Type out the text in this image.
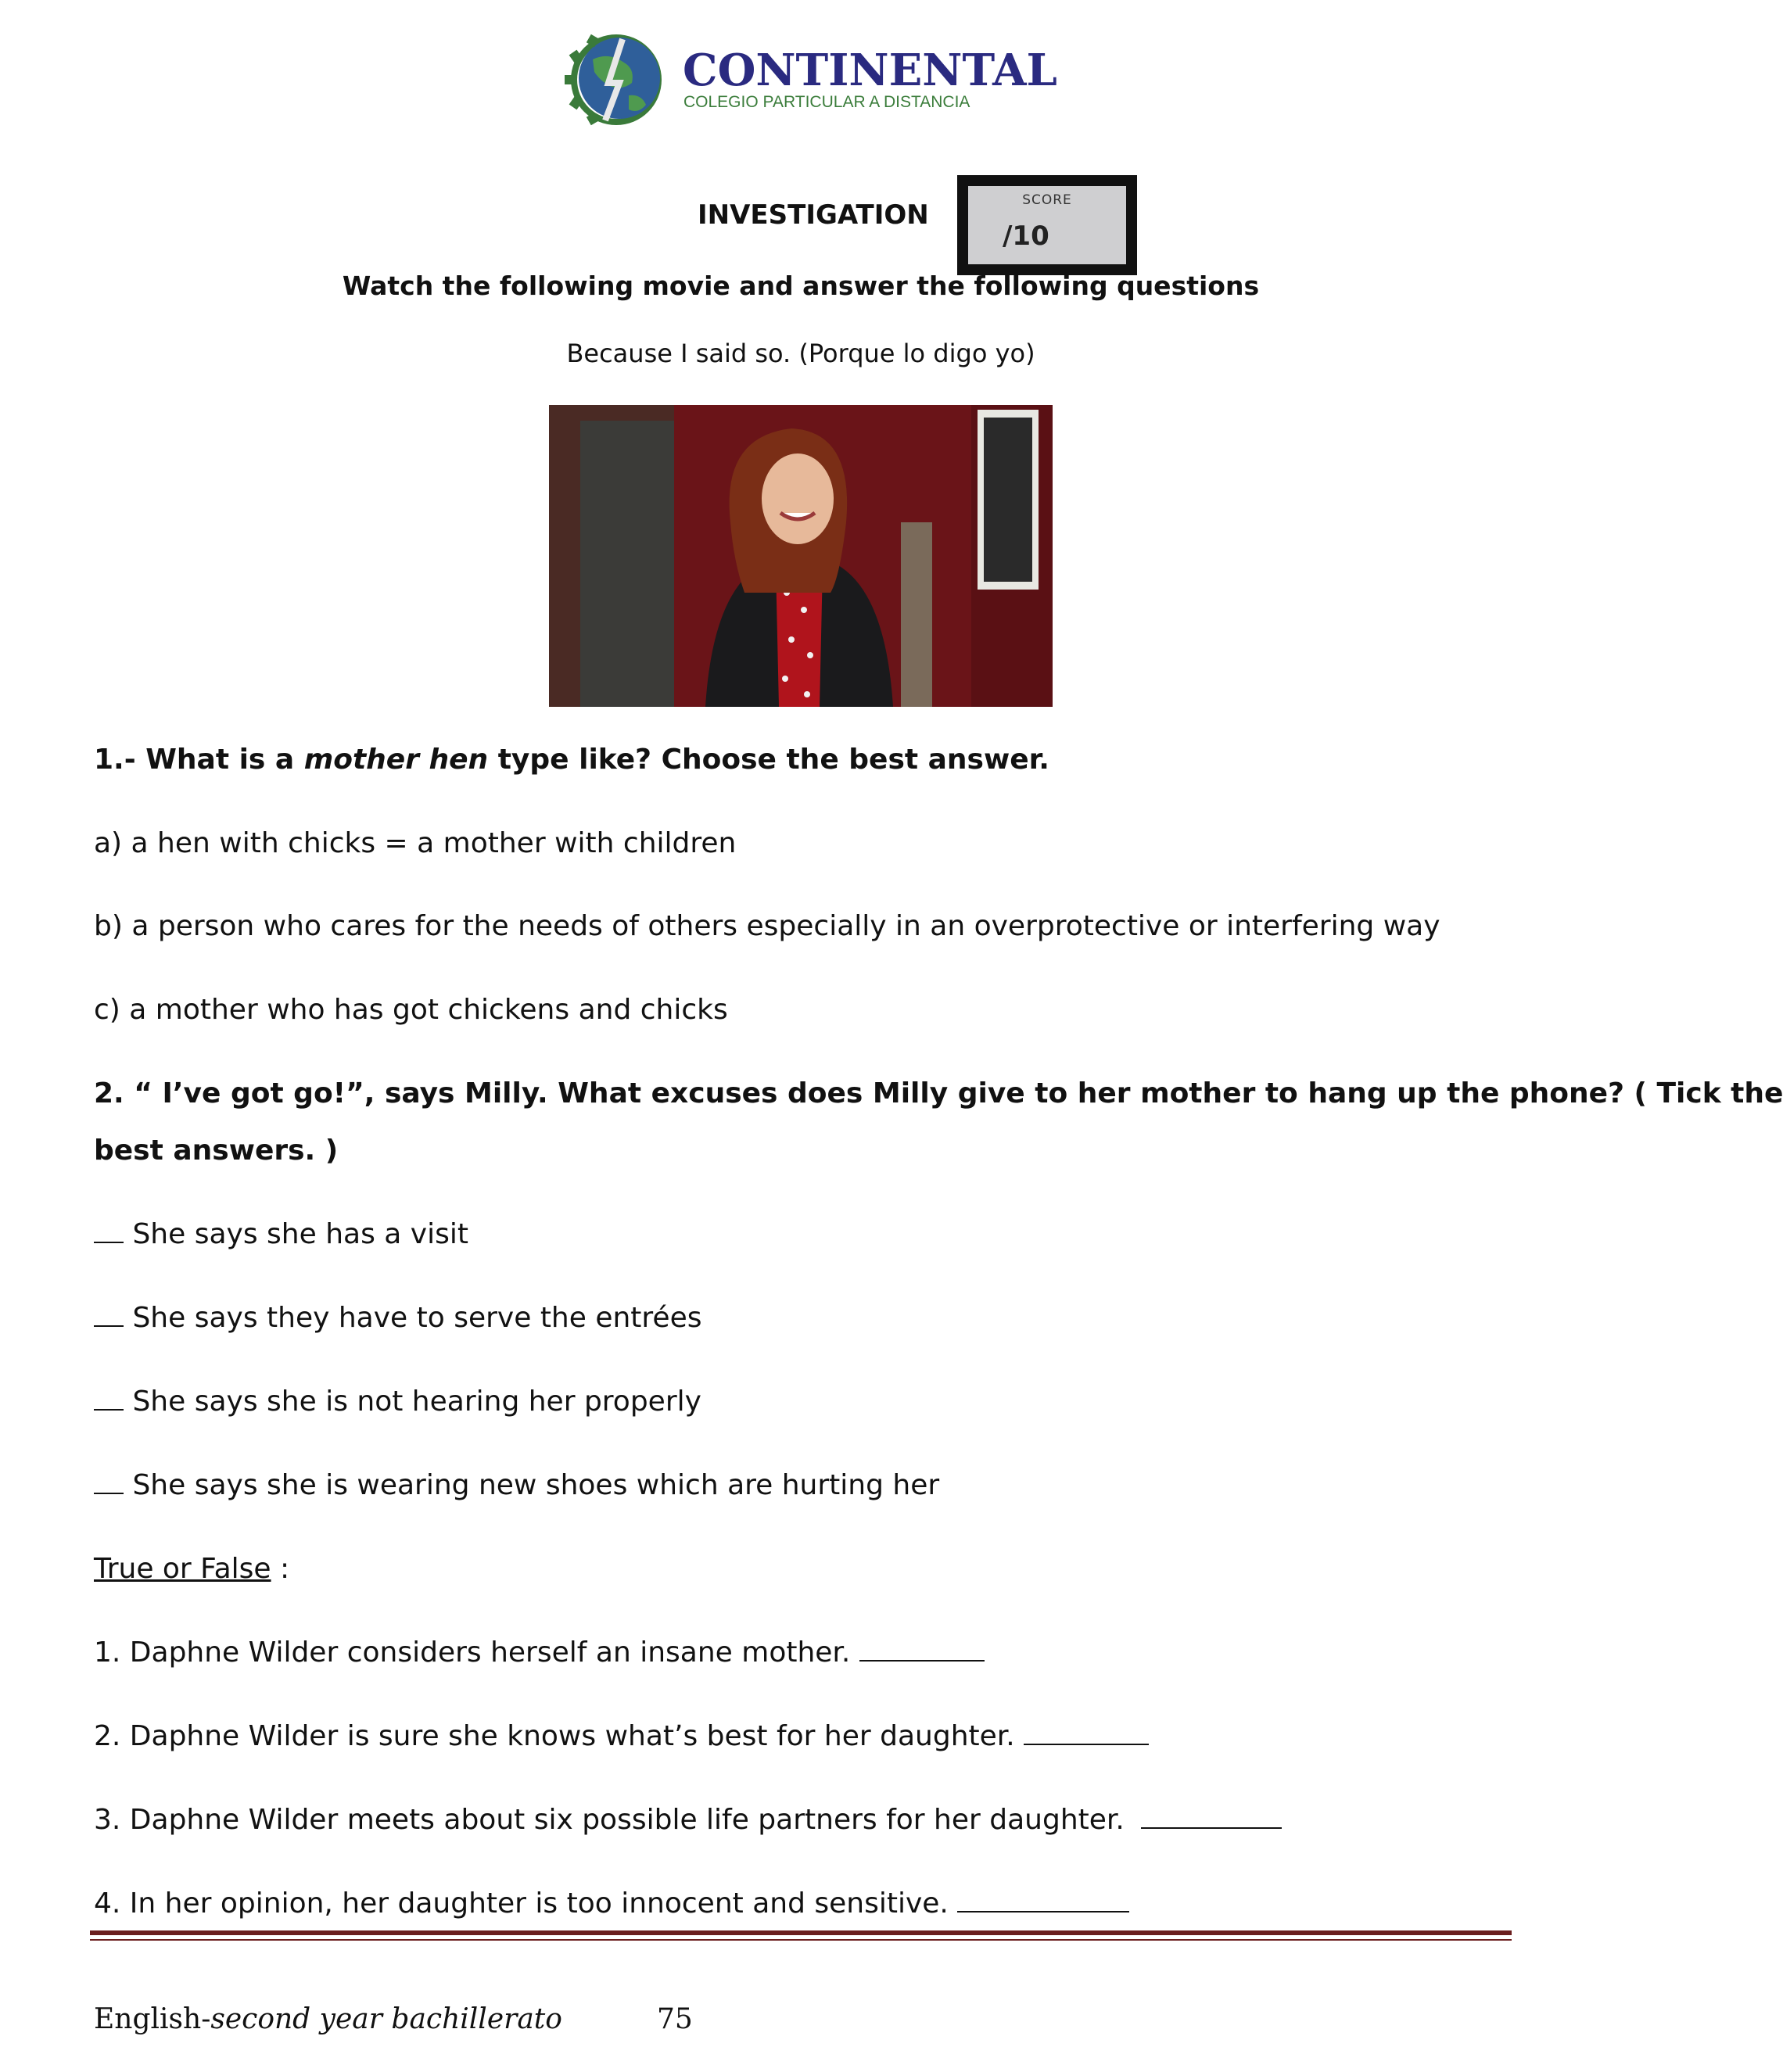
CONTINENTAL
COLEGIO PARTICULAR A DISTANCIA
INVESTIGATION	SCORE
/10
Watch the following movie and answer the following questions
Because I said so. (Porque lo digo yo)
1.- What is a mother hen type like? Choose the best answer.
a) a hen with chicks = a mother with children
b) a person who cares for the needs of others especially in an overprotective or interfering way
c) a mother who has got chickens and chicks
2. “ I’ve got go!”, says Milly. What excuses does Milly give to her mother to hang up the phone? ( Tick the
best answers. )
She says she has a visit
She says they have to serve the entrées
She says she is not hearing her properly
She says she is wearing new shoes which are hurting her
True or False :
1. Daphne Wilder considers herself an insane mother.
2. Daphne Wilder is sure she knows what’s best for her daughter.
3. Daphne Wilder meets about six possible life partners for her daughter.
4. In her opinion, her daughter is too innocent and sensitive.
English-second year bachillerato	75
